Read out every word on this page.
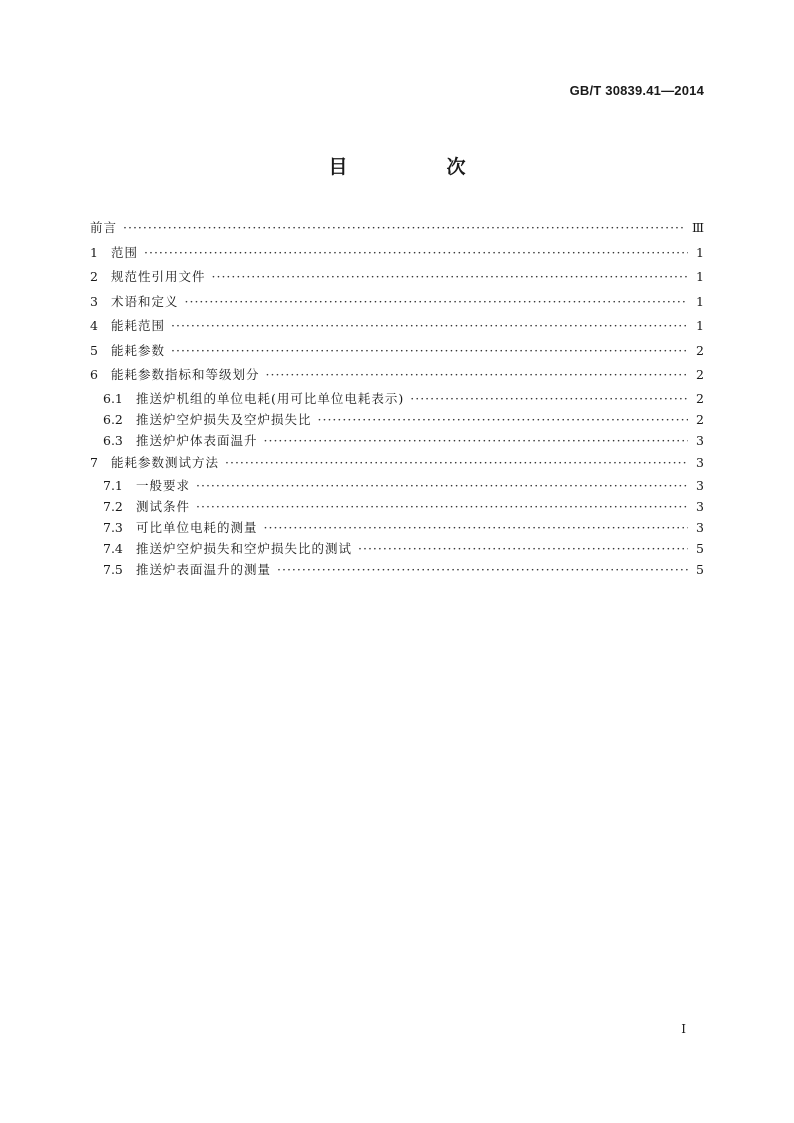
GB/T 30839.41—2014
目　次
前言 ·····	Ⅲ
1	范围 ·····	1
2	规范性引用文件 ·····	1
3	术语和定义 ·····	1
4	能耗范围 ·····	1
5	能耗参数 ·····	2
6	能耗参数指标和等级划分 ·····	2
6.1	推送炉机组的单位电耗(用可比单位电耗表示) ·····	2
6.2	推送炉空炉损失及空炉损失比 ·····	2
6.3	推送炉炉体表面温升 ·····	3
7	能耗参数测试方法 ·····	3
7.1	一般要求 ·····	3
7.2	测试条件 ·····	3
7.3	可比单位电耗的测量 ·····	3
7.4	推送炉空炉损失和空炉损失比的测试 ·····	5
7.5	推送炉表面温升的测量 ·····	5
Ⅰ
